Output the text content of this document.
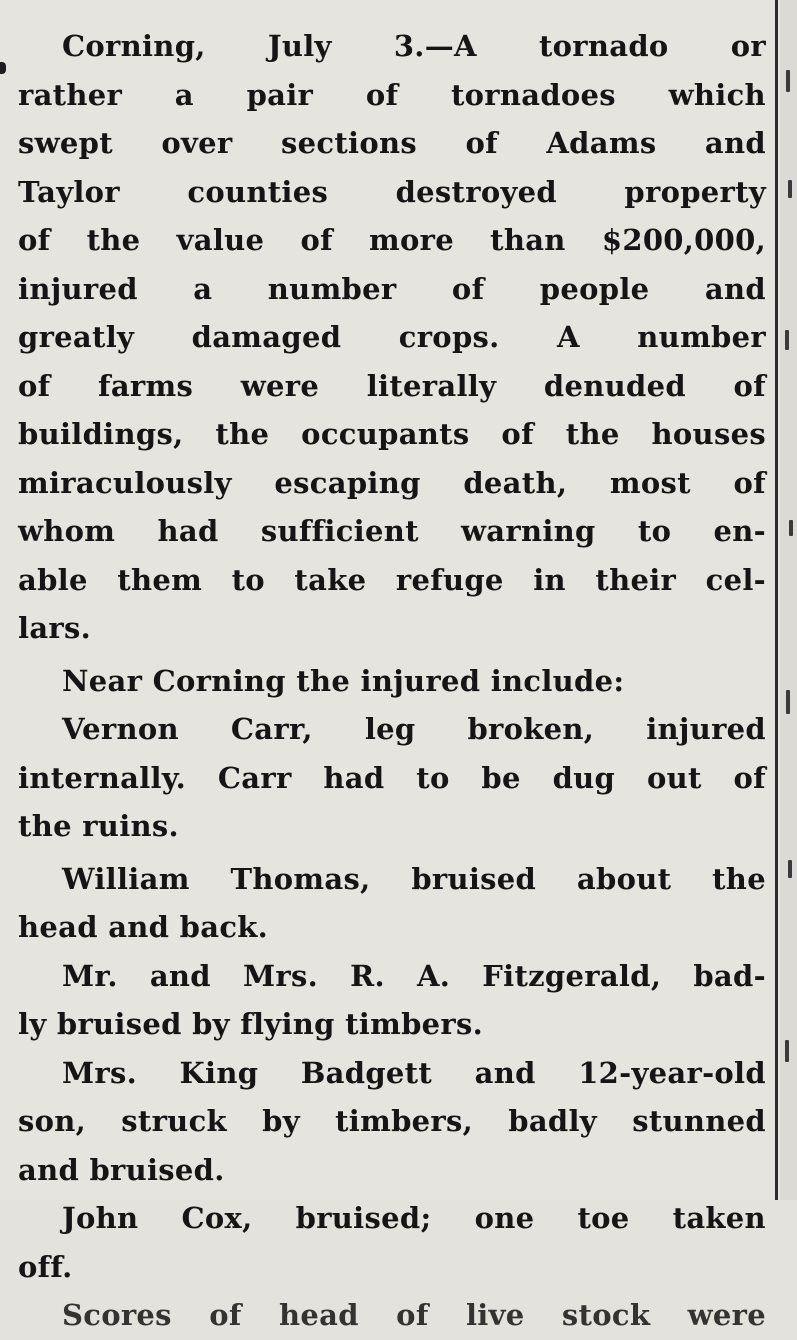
Corning, July 3.—A tornado or
rather a pair of tornadoes which
swept over sections of Adams and
Taylor counties destroyed property
of the value of more than $200,000,
injured a number of people and
greatly damaged crops. A number
of farms were literally denuded of
buildings, the occupants of the houses
miraculously escaping death, most of
whom had sufficient warning to en-
able them to take refuge in their cel-
lars.
Near Corning the injured include:
Vernon Carr, leg broken, injured
internally. Carr had to be dug out of
the ruins.
William Thomas, bruised about the
head and back.
Mr. and Mrs. R. A. Fitzgerald, bad-
ly bruised by flying timbers.
Mrs. King Badgett and 12-year-old
son, struck by timbers, badly stunned
and bruised.
John Cox, bruised; one toe taken
off.
Scores of head of live stock were
